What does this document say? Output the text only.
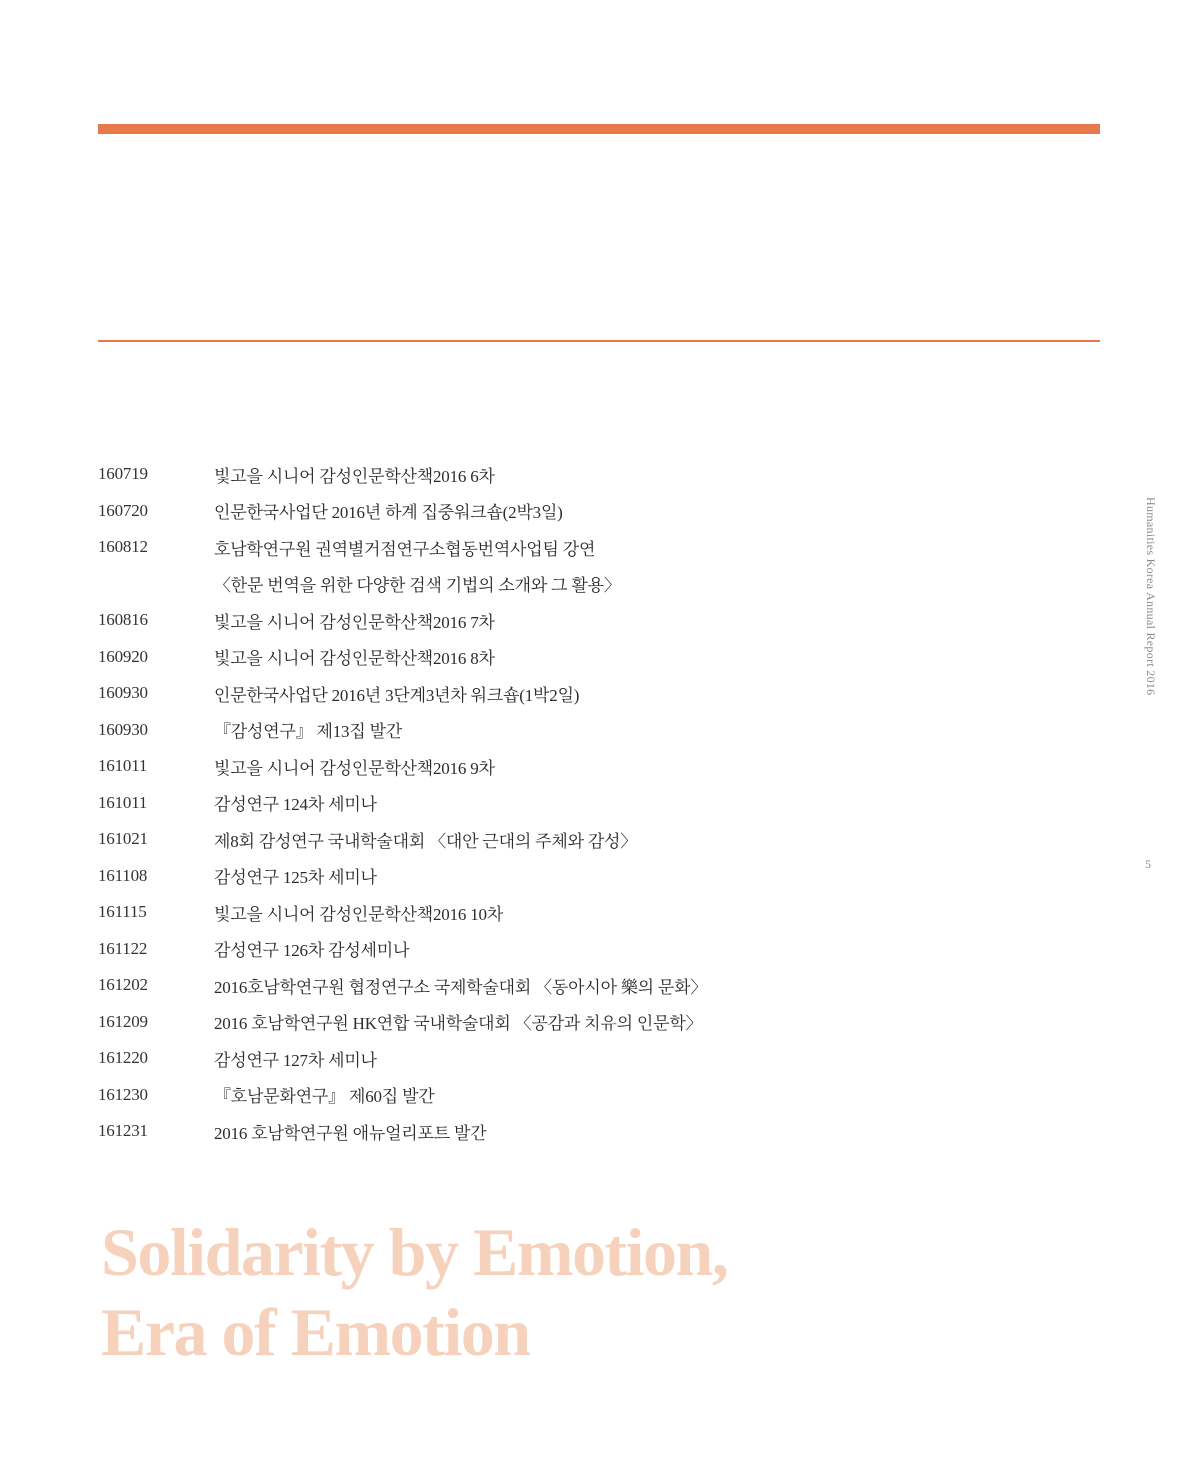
160719	빛고을 시니어 감성인문학산책2016 6차
160720	인문한국사업단 2016년 하계 집중워크숍(2박3일)
160812	호남학연구원 권역별거점연구소협동번역사업팀 강연
〈한문 번역을 위한 다양한 검색 기법의 소개와 그 활용〉
160816	빛고을 시니어 감성인문학산책2016 7차
160920	빛고을 시니어 감성인문학산책2016 8차
160930	인문한국사업단 2016년 3단계3년차 워크숍(1박2일)
160930	『감성연구』 제13집 발간
161011	빛고을 시니어 감성인문학산책2016 9차
161011	감성연구 124차 세미나
161021	제8회 감성연구 국내학술대회 〈대안 근대의 주체와 감성〉
161108	감성연구 125차 세미나
161115	빛고을 시니어 감성인문학산책2016 10차
161122	감성연구 126차 감성세미나
161202	2016호남학연구원 협정연구소 국제학술대회 〈동아시아 樂의 문화〉
161209	2016 호남학연구원 HK연합 국내학술대회 〈공감과 치유의 인문학〉
161220	감성연구 127차 세미나
161230	『호남문화연구』 제60집 발간
161231	2016 호남학연구원 애뉴얼리포트 발간
Humanities Korea Annual Report 2016
5
Solidarity by Emotion,
Era of Emotion
